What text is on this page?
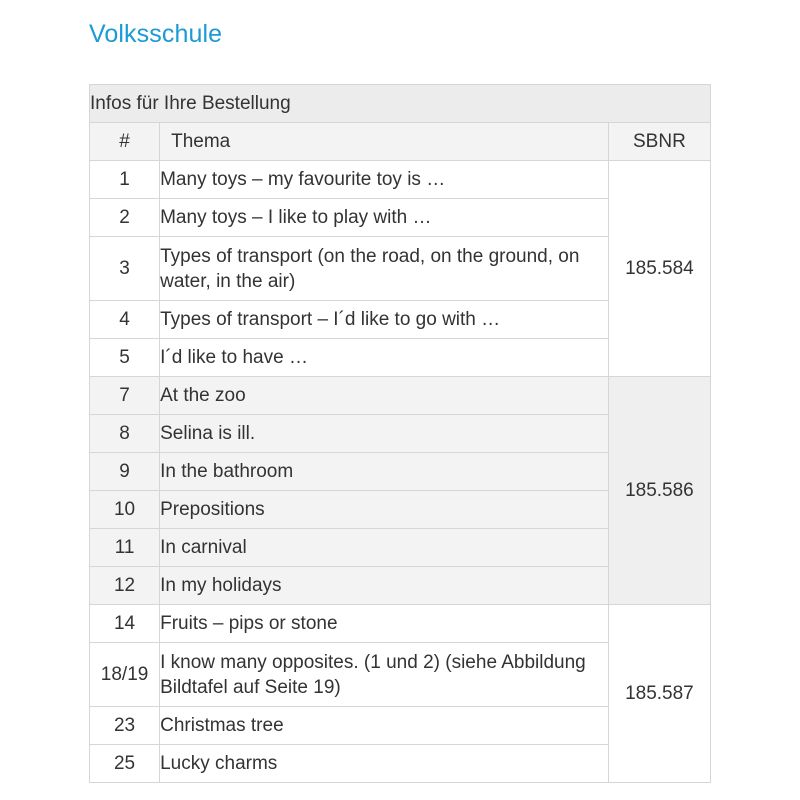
Volksschule
Infos für Ihre Bestellung		
#	Thema	SBNR
1	Many toys – my favourite toy is …	185.584
2	Many toys – I like to play with …	
3	Types of transport (on the road, on the ground, on water, in the air)	
4	Types of transport – I´d like to go with …	
5	I´d like to have …	
7	At the zoo	185.586
8	Selina is ill.	
9	In the bathroom	
10	Prepositions	
11	In carnival	
12	In my holidays	
14	Fruits – pips or stone	185.587
18/19	I know many opposites. (1 und 2) (siehe Abbildung Bildtafel auf Seite 19)	
23	Christmas tree	
25	Lucky charms	
